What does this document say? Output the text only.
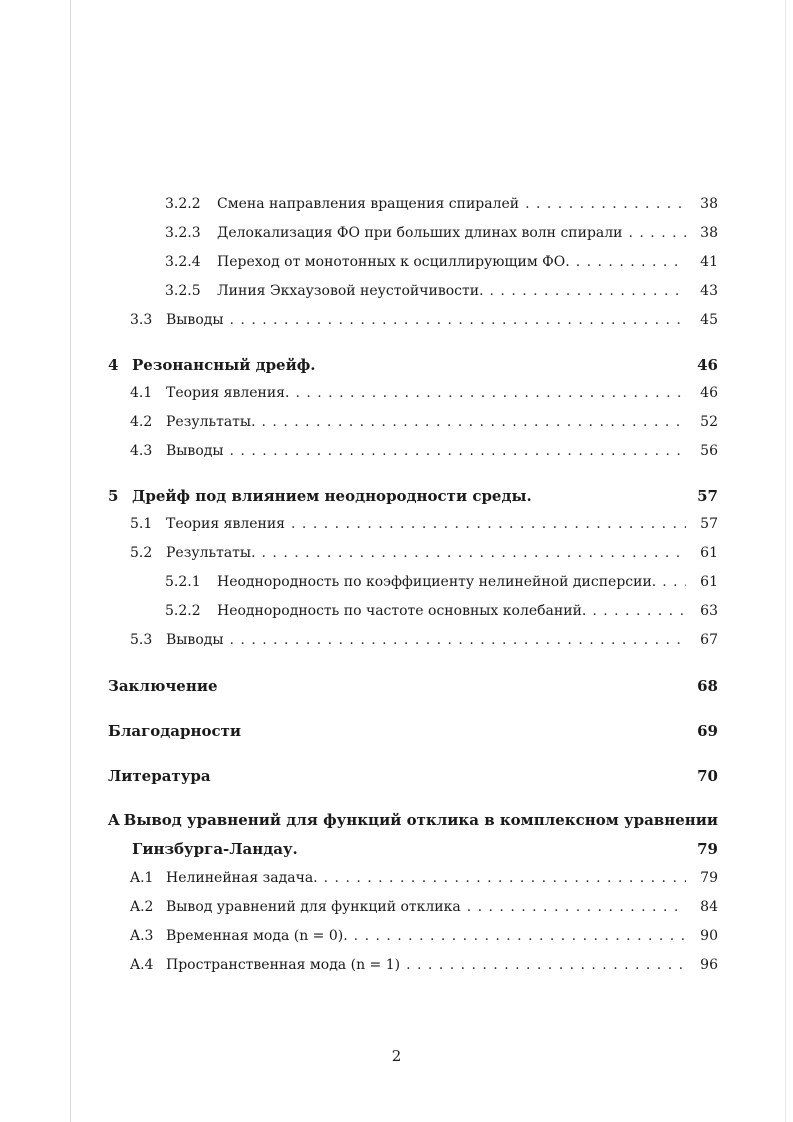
3.2.2	Смена направления вращения спиралей . . .	38
3.2.3	Делокализация ФО при больших длинах волн спирали . . .	38
3.2.4	Переход от монотонных к осциллирующим ФО. . . .	41
3.2.5	Линия Экхаузовой неустойчивости. . . .	43
3.3 Выводы . . .	45
4 Резонансный дрейф.	46
4.1 Теория явления. . . .	46
4.2 Результаты. . . .	52
4.3 Выводы . . .	56
5 Дрейф под влиянием неоднородности среды.	57
5.1 Теория явления . . .	57
5.2 Результаты. . . .	61
5.2.1	Неоднородность по коэффициенту нелинейной дисперсии. . . .	61
5.2.2	Неоднородность по частоте основных колебаний. . . .	63
5.3 Выводы . . .	67
Заключение	68
Благодарности	69
Литература	70
A Вывод уравнений для функций отклика в комплексном уравнении
Гинзбурга-Ландау.	79
A.1 Нелинейная задача. . . .	79
A.2 Вывод уравнений для функций отклика . . .	84
A.3 Временная мода (n = 0). . . .	90
A.4 Пространственная мода (n = 1) . . .	96
2
